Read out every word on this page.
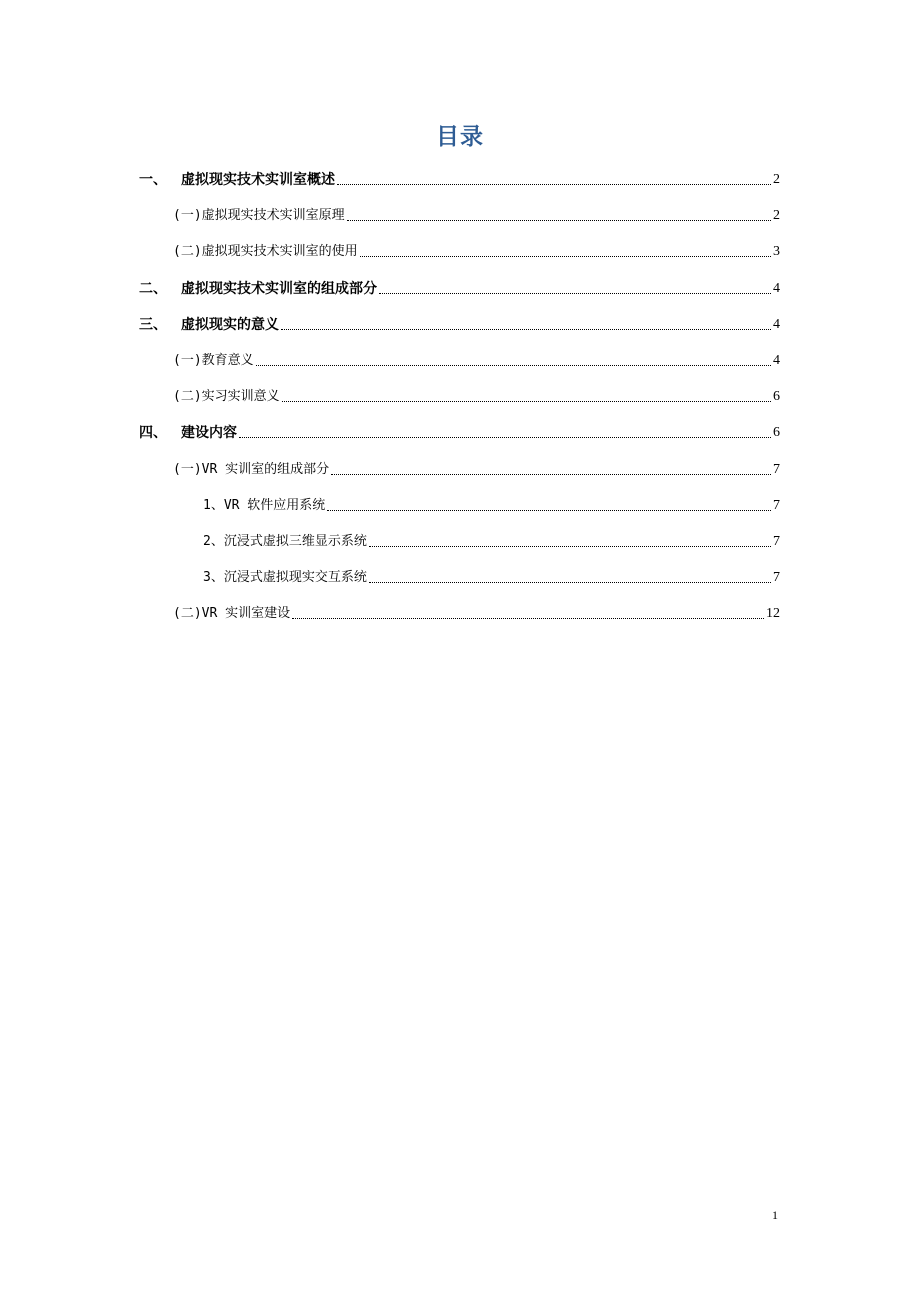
目录
一、	虚拟现实技术实训室概述	2
(一)虚拟现实技术实训室原理	2
(二)虚拟现实技术实训室的使用	3
二、	虚拟现实技术实训室的组成部分	4
三、	虚拟现实的意义	4
(一)教育意义	4
(二)实习实训意义	6
四、	建设内容	6
(一)VR 实训室的组成部分	7
1、VR 软件应用系统	7
2、沉浸式虚拟三维显示系统	7
3、沉浸式虚拟现实交互系统	7
(二)VR 实训室建设	12
1
